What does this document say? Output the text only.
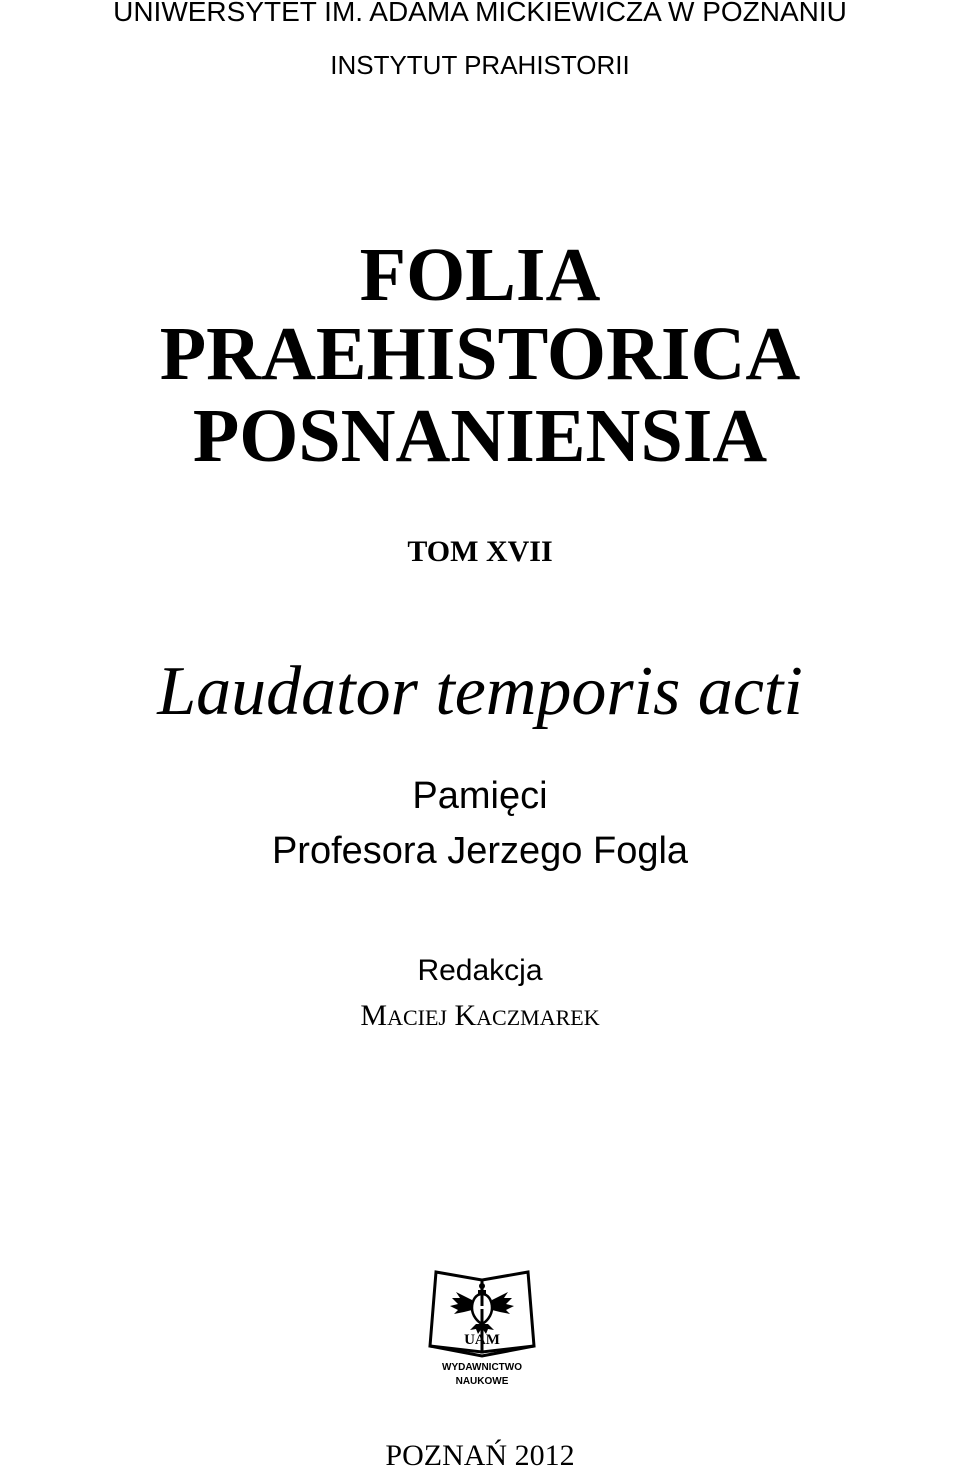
UNIWERSYTET IM. ADAMA MICKIEWICZA W POZNANIU
INSTYTUT PRAHISTORII
FOLIA
PRAEHISTORICA
POSNANIENSIA
TOM XVII
Laudator temporis acti
Pamięci
Profesora Jerzego Fogla
Redakcja
MACIEJ KACZMAREK
UAM
WYDAWNICTWO
NAUKOWE
POZNAŃ 2012
